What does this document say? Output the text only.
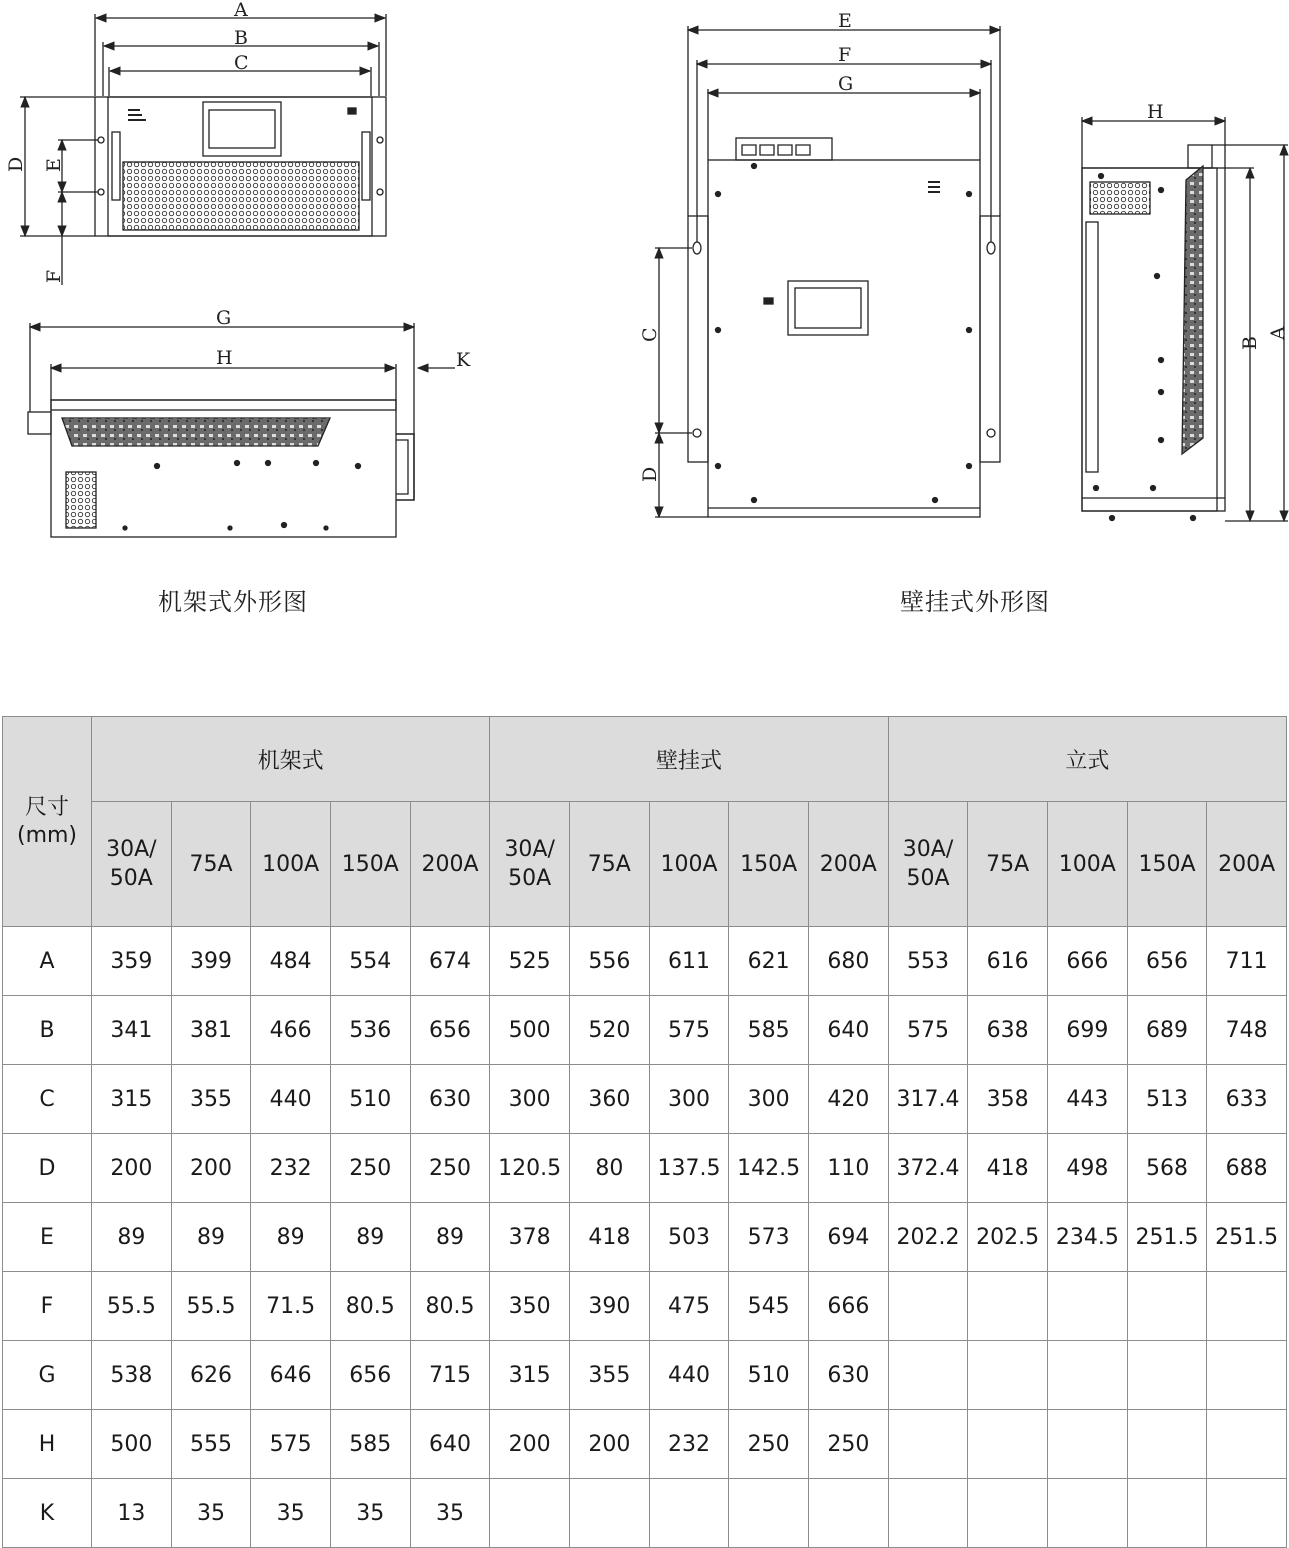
A
B
C
D E
F
G
H	K
E
F
G
C
D
H
B
A
机架式外形图	壁挂式外形图
尺寸
(mm)	机架式					壁挂式					立式				
	30A/
50A	75A	100A	150A	200A	30A/
50A	75A	100A	150A	200A	30A/
50A	75A	100A	150A	200A
A	359	399	484	554	674	525	556	611	621	680	553	616	666	656	711
B	341	381	466	536	656	500	520	575	585	640	575	638	699	689	748
C	315	355	440	510	630	300	360	300	300	420	317.4	358	443	513	633
D	200	200	232	250	250	120.5	80	137.5	142.5	110	372.4	418	498	568	688
E	89	89	89	89	89	378	418	503	573	694	202.2	202.5	234.5	251.5	251.5
F	55.5	55.5	71.5	80.5	80.5	350	390	475	545	666					
G	538	626	646	656	715	315	355	440	510	630					
H	500	555	575	585	640	200	200	232	250	250					
K	13	35	35	35	35										
